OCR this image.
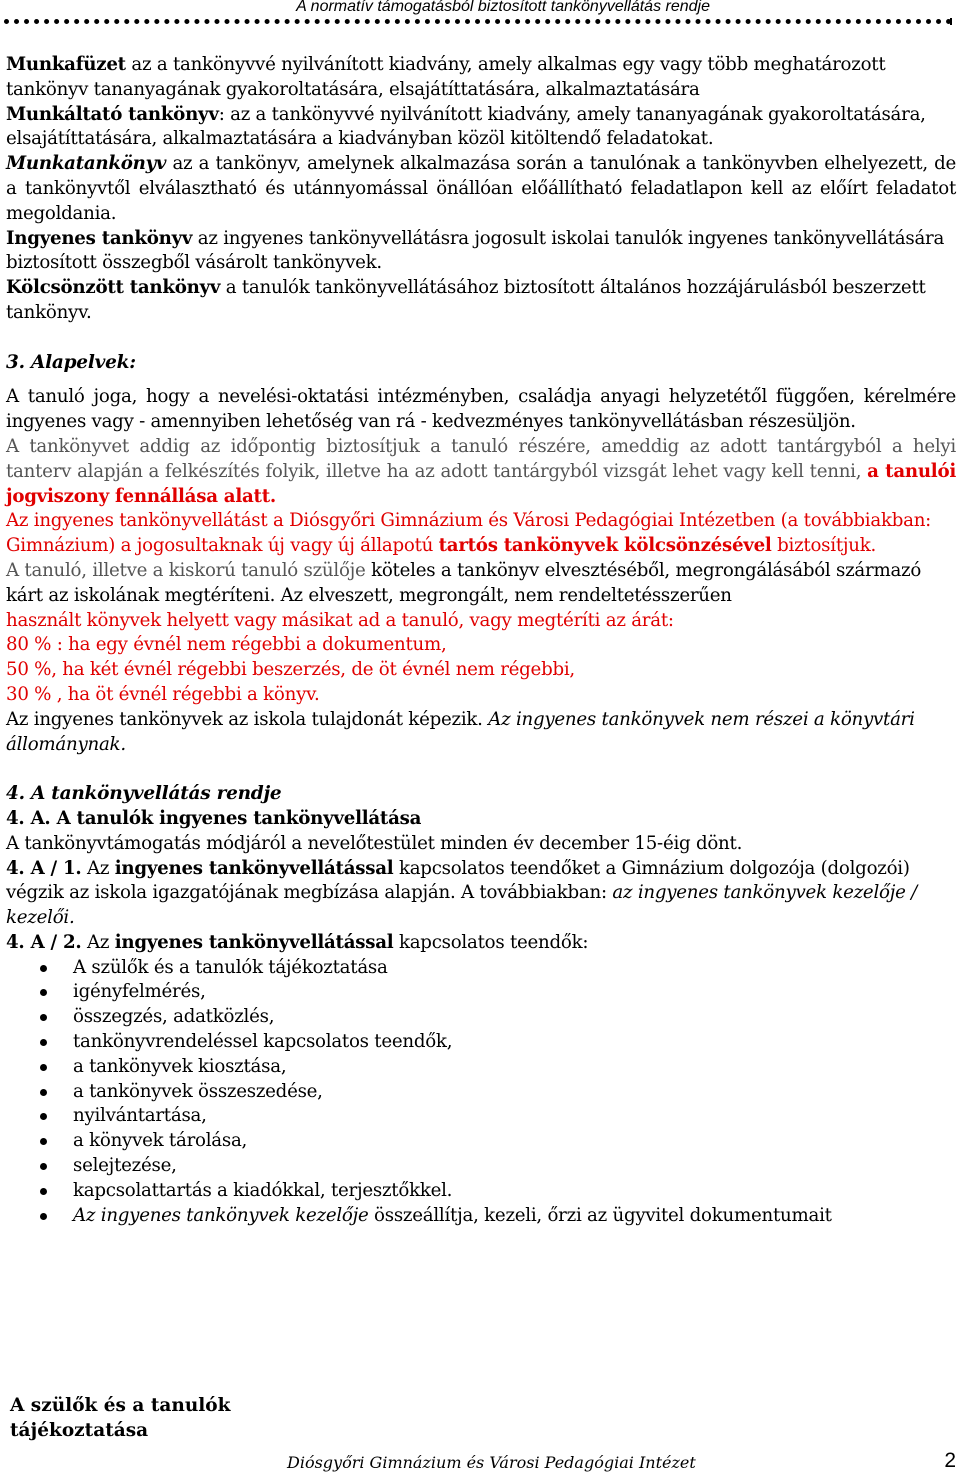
A normatív támogatásból biztosított tankönyvellátás rendje

Munkafüzet az a tankönyvvé nyilvánított kiadvány, amely alkalmas egy vagy több meghatározott tankönyv tananyagának gyakoroltatására, elsajátíttatására, alkalmaztatására

Munkáltató tankönyv: az a tankönyvvé nyilvánított kiadvány, amely tananyagának gyakoroltatására, elsajátíttatására, alkalmaztatására a kiadványban közöl kitöltendő feladatokat.

Munkatankönyv az a tankönyv, amelynek alkalmazása során a tanulónak a tankönyvben elhelyezett, de a tankönyvtől elválasztható és utánnyomással önállóan előállítható feladatlapon kell az előírt feladatot megoldania.

Ingyenes tankönyv az ingyenes tankönyvellátásra jogosult iskolai tanulók ingyenes tankönyvellátására biztosított összegből vásárolt tankönyvek.

Kölcsönzött tankönyv a tanulók tankönyvellátásához biztosított általános hozzájárulásból beszerzett tankönyv.

3. Alapelvek:

A tanuló joga, hogy a nevelési-oktatási intézményben, családja anyagi helyzetétől függően, kérelmére ingyenes vagy - amennyiben lehetőség van rá - kedvezményes tankönyvellátásban részesüljön.

A tankönyvet addig az időpontig biztosítjuk a tanuló részére, ameddig az adott tantárgyból a helyi tanterv alapján a felkészítés folyik, illetve ha az adott tantárgyból vizsgát lehet vagy kell tenni, a tanulói jogviszony fennállása alatt.

Az ingyenes tankönyvellátást a Diósgyőri Gimnázium és Városi Pedagógiai Intézetben (a továbbiakban: Gimnázium) a jogosultaknak új vagy új állapotú tartós tankönyvek kölcsönzésével biztosítjuk.

A tanuló, illetve a kiskorú tanuló szülője köteles a tankönyv elvesztéséből, megrongálásából származó kárt az iskolának megtéríteni. Az elveszett, megrongált, nem rendeltetésszerűen

használt könyvek helyett vagy másikat ad a tanuló, vagy megtéríti az árát:

80 % : ha egy évnél nem régebbi a dokumentum,

50 %, ha két évnél régebbi beszerzés, de öt évnél nem régebbi,

30 % , ha öt évnél régebbi a könyv.

Az ingyenes tankönyvek az iskola tulajdonát képezik. Az ingyenes tankönyvek nem részei a könyvtári állománynak.

4. A tankönyvellátás rendje

4. A. A tanulók ingyenes tankönyvellátása

A tankönyvtámogatás módjáról a nevelőtestület minden év december 15-éig dönt.

4. A / 1. Az ingyenes tankönyvellátással kapcsolatos teendőket a Gimnázium dolgozója (dolgozói) végzik az iskola igazgatójának megbízása alapján. A továbbiakban: az ingyenes tankönyvek kezelője / kezelői.

4. A / 2. Az ingyenes tankönyvellátással kapcsolatos teendők:

A szülők és a tanulók tájékoztatása
igényfelmérés,
összegzés, adatközlés,
tankönyvrendeléssel kapcsolatos teendők,
a tankönyvek kiosztása,
a tankönyvek összeszedése,
nyilvántartása,
a könyvek tárolása,
selejtezése,
kapcsolattartás a kiadókkal, terjesztőkkel.
Az ingyenes tankönyvek kezelője összeállítja, kezeli, őrzi az ügyvitel dokumentumait
A szülők és a tanulók
tájékoztatása
Diósgyőri Gimnázium és Városi Pedagógiai Intézet	2
